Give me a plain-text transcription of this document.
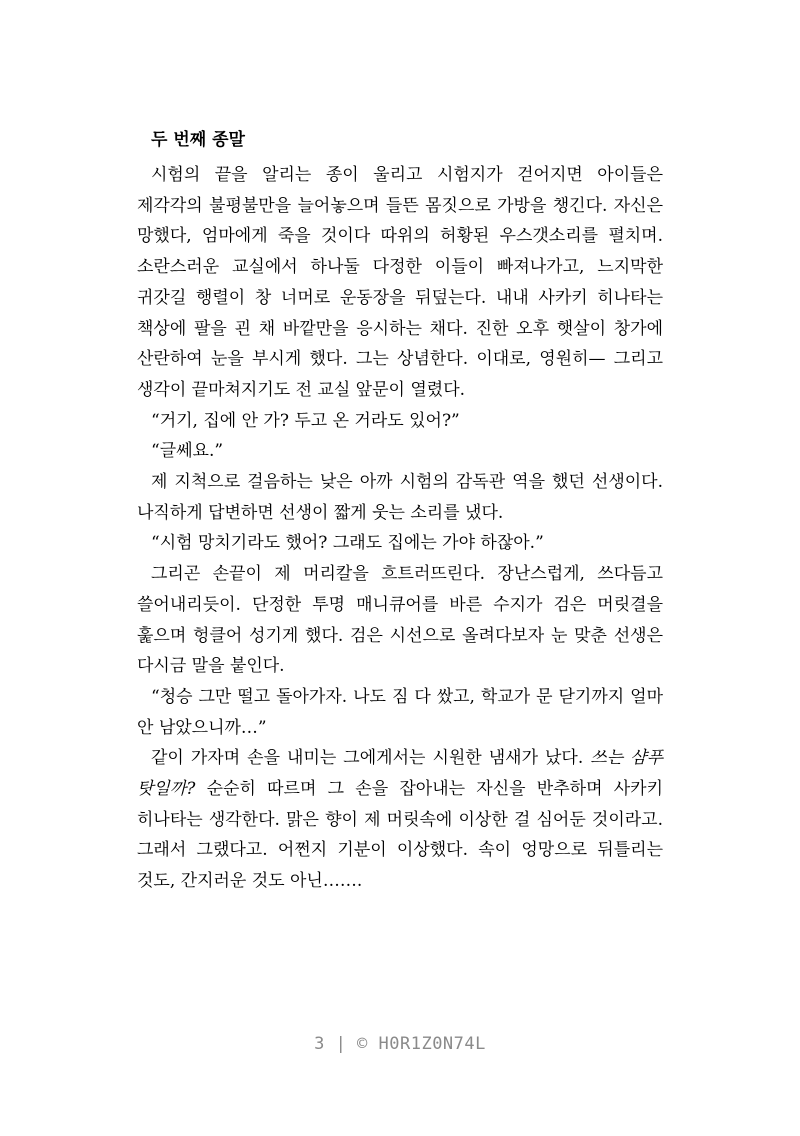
두 번째 종말

시험의 끝을 알리는 종이 울리고 시험지가 걷어지면 아이들은 제각각의 불평불만을 늘어놓으며 들뜬 몸짓으로 가방을 챙긴다. 자신은 망했다, 엄마에게 죽을 것이다 따위의 허황된 우스갯소리를 펼치며. 소란스러운 교실에서 하나둘 다정한 이들이 빠져나가고, 느지막한 귀갓길 행렬이 창 너머로 운동장을 뒤덮는다. 내내 사카키 히나타는 책상에 팔을 괸 채 바깥만을 응시하는 채다. 진한 오후 햇살이 창가에 산란하여 눈을 부시게 했다. 그는 상념한다. 이대로, 영원히— 그리고 생각이 끝마쳐지기도 전 교실 앞문이 열렸다.

“거기, 집에 안 가? 두고 온 거라도 있어?”

“글쎄요.”

제 지척으로 걸음하는 낮은 아까 시험의 감독관 역을 했던 선생이다. 나직하게 답변하면 선생이 짧게 웃는 소리를 냈다.

“시험 망치기라도 했어? 그래도 집에는 가야 하잖아.”

그리곤 손끝이 제 머리칼을 흐트러뜨린다. 장난스럽게, 쓰다듬고 쓸어내리듯이. 단정한 투명 매니큐어를 바른 수지가 검은 머릿결을 훑으며 헝클어 성기게 했다. 검은 시선으로 올려다보자 눈 맞춘 선생은 다시금 말을 붙인다.

“청승 그만 떨고 돌아가자. 나도 짐 다 쌌고, 학교가 문 닫기까지 얼마 안 남았으니까…”

같이 가자며 손을 내미는 그에게서는 시원한 냄새가 났다. 쓰는 샴푸 탓일까? 순순히 따르며 그 손을 잡아내는 자신을 반추하며 사카키 히나타는 생각한다. 맑은 향이 제 머릿속에 이상한 걸 심어둔 것이라고. 그래서 그랬다고. 어쩐지 기분이 이상했다. 속이 엉망으로 뒤틀리는 것도, 간지러운 것도 아닌…….

3 | © H0R1Z0N74L
